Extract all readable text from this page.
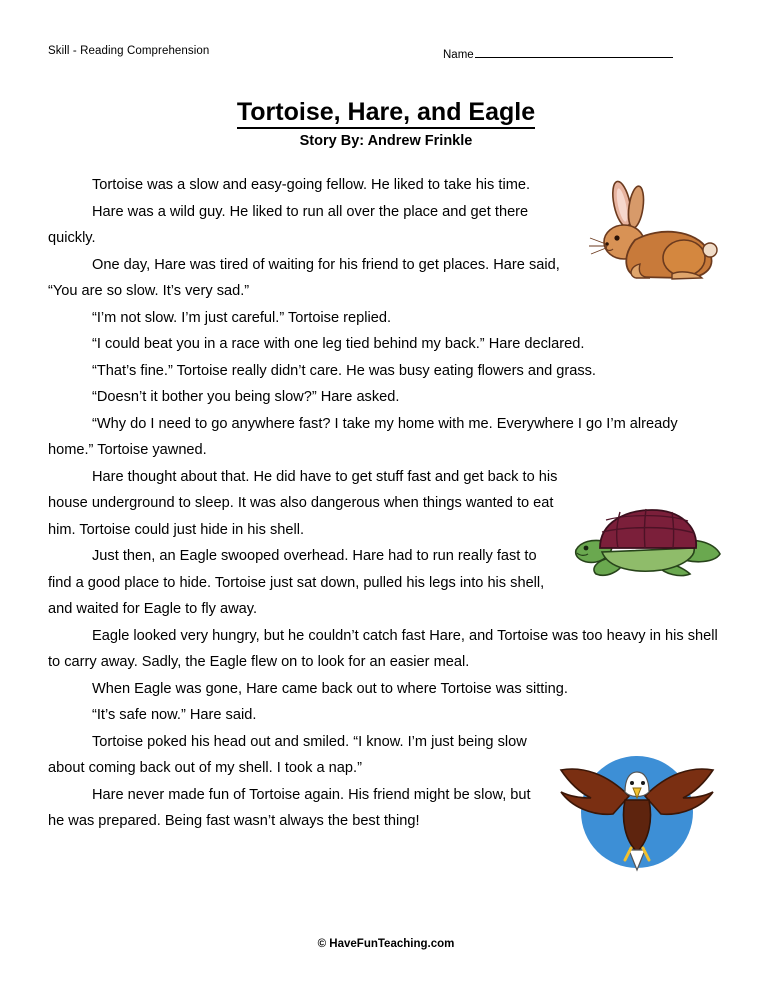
Skill - Reading Comprehension	Name
Tortoise, Hare, and Eagle
Story By: Andrew Frinkle

Tortoise was a slow and easy-going fellow. He liked to take his time.

Hare was a wild guy. He liked to run all over the place and get there quickly.

One day, Hare was tired of waiting for his friend to get places. Hare said, “You are so slow. It’s very sad.”

“I’m not slow. I’m just careful.” Tortoise replied.

“I could beat you in a race with one leg tied behind my back.” Hare declared.

“That’s fine.” Tortoise really didn’t care. He was busy eating flowers and grass.

“Doesn’t it bother you being slow?” Hare asked.

“Why do I need to go anywhere fast? I take my home with me. Everywhere I go I’m already home.” Tortoise yawned.

Hare thought about that. He did have to get stuff fast and get back to his house underground to sleep. It was also dangerous when things wanted to eat him. Tortoise could just hide in his shell.

Just then, an Eagle swooped overhead. Hare had to run really fast to find a good place to hide. Tortoise just sat down, pulled his legs into his shell, and waited for Eagle to fly away.

Eagle looked very hungry, but he couldn’t catch fast Hare, and Tortoise was too heavy in his shell to carry away. Sadly, the Eagle flew on to look for an easier meal.

When Eagle was gone, Hare came back out to where Tortoise was sitting.

“It’s safe now.” Hare said.

Tortoise poked his head out and smiled. “I know. I’m just being slow about coming back out of my shell. I took a nap.”

Hare never made fun of Tortoise again. His friend might be slow, but he was prepared. Being fast wasn’t always the best thing!

© HaveFunTeaching.com
